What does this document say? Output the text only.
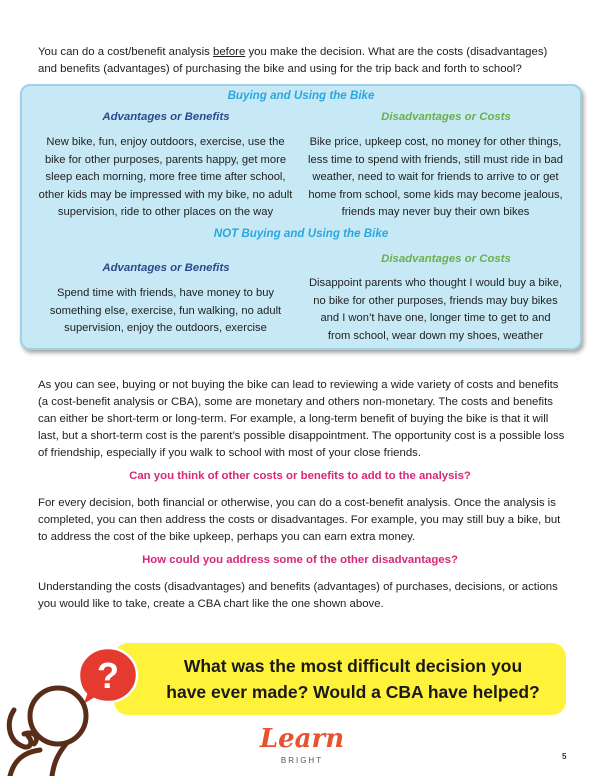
You can do a cost/benefit analysis before you make the decision. What are the costs (disadvantages) and benefits (advantages) of purchasing the bike and using for the trip back and forth to school?

Buying and Using the Bike
Advantages or Benefits	Disadvantages or Costs
New bike, fun, enjoy outdoors, exercise, use the
bike for other purposes, parents happy, get more
sleep each morning, more free time after school,
other kids may be impressed with my bike, no adult
supervision, ride to other places on the way
Bike price, upkeep cost, no money for other things,
less time to spend with friends, still must ride in bad
weather, need to wait for friends to arrive to or get
home from school, some kids may become jealous,
friends may never buy their own bikes
NOT Buying and Using the Bike
Advantages or Benefits
Disadvantages or Costs
Spend time with friends, have money to buy
something else, exercise, fun walking, no adult
supervision, enjoy the outdoors, exercise
Disappoint parents who thought I would buy a bike,
no bike for other purposes, friends may buy bikes
and I won’t have one, longer time to get to and
from school, wear down my shoes, weather

As you can see, buying or not buying the bike can lead to reviewing a wide variety of costs and benefits (a cost-benefit analysis or CBA), some are monetary and others non-monetary. The costs and benefits can either be short-term or long-term. For example, a long-term benefit of buying the bike is that it will last, but a short-term cost is the parent’s possible disappointment. The opportunity cost is a possible loss of friendship, especially if you walk to school with most of your close friends.

Can you think of other costs or benefits to add to the analysis?

For every decision, both financial or otherwise, you can do a cost-benefit analysis. Once the analysis is completed, you can then address the costs or disadvantages. For example, you may still buy a bike, but to address the cost of the bike upkeep, perhaps you can earn extra money.

How could you address some of the other disadvantages?

Understanding the costs (disadvantages) and benefits (advantages) of purchases, decisions, or actions you would like to take, create a CBA chart like the one shown above.

What was the most difficult decision you
have ever made? Would a CBA have helped?
?
Learn
BRIGHT	5
